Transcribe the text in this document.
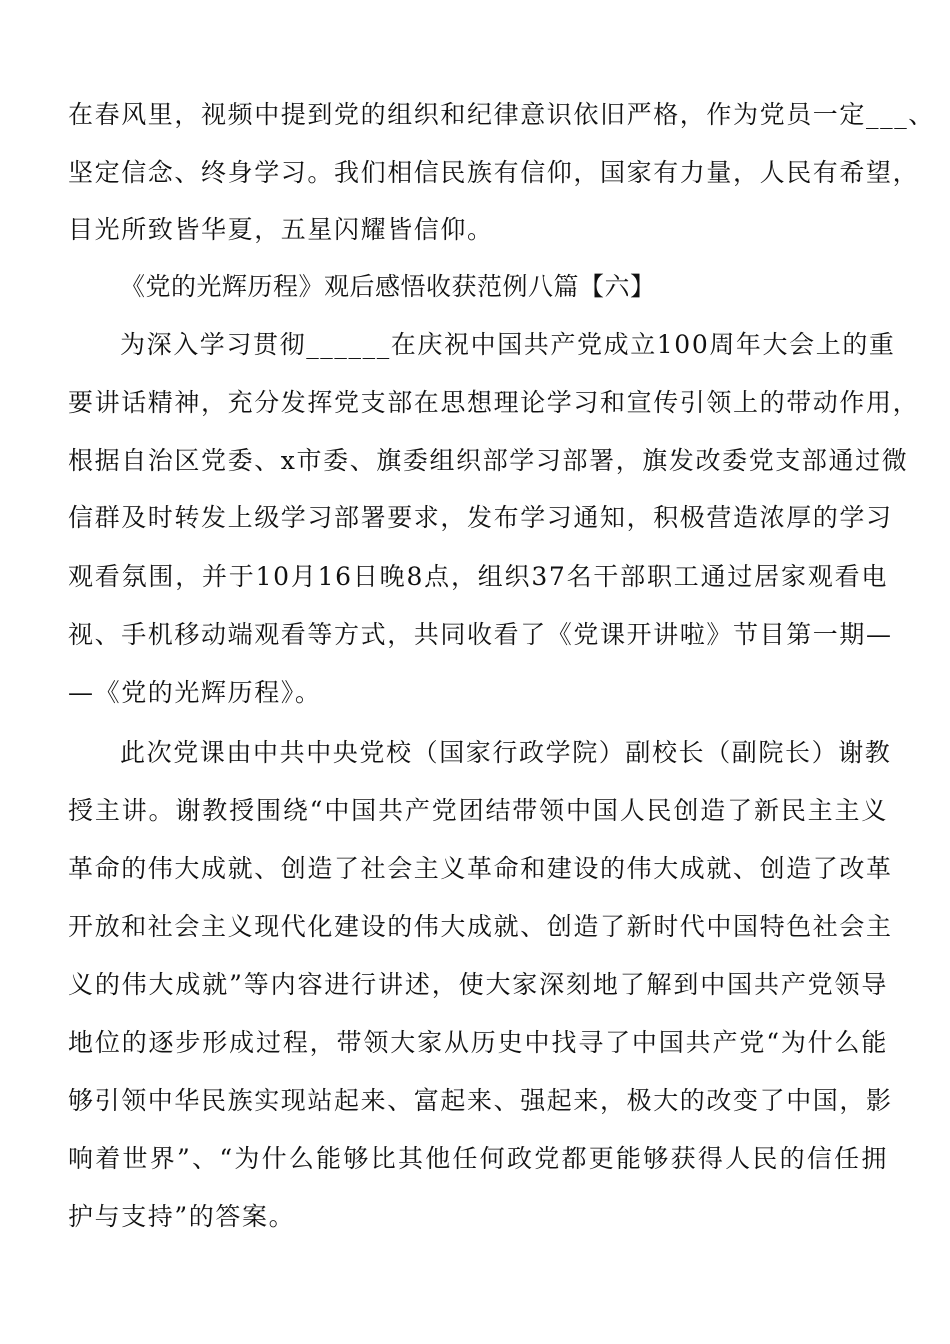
在春风里，视频中提到党的组织和纪律意识依旧严格，作为党员一定___、
坚定信念、终身学习。我们相信民族有信仰，国家有力量，人民有希望，
目光所致皆华夏，五星闪耀皆信仰。
《党的光辉历程》观后感悟收获范例八篇【六】
为深入学习贯彻______在庆祝中国共产党成立100周年大会上的重
要讲话精神，充分发挥党支部在思想理论学习和宣传引领上的带动作用，
根据自治区党委、x市委、旗委组织部学习部署，旗发改委党支部通过微
信群及时转发上级学习部署要求，发布学习通知，积极营造浓厚的学习
观看氛围，并于10月16日晚8点，组织37名干部职工通过居家观看电
视、手机移动端观看等方式，共同收看了《党课开讲啦》节目第一期—
—《党的光辉历程》。
此次党课由中共中央党校（国家行政学院）副校长（副院长）谢教
授主讲。谢教授围绕“中国共产党团结带领中国人民创造了新民主主义
革命的伟大成就、创造了社会主义革命和建设的伟大成就、创造了改革
开放和社会主义现代化建设的伟大成就、创造了新时代中国特色社会主
义的伟大成就”等内容进行讲述，使大家深刻地了解到中国共产党领导
地位的逐步形成过程，带领大家从历史中找寻了中国共产党“为什么能
够引领中华民族实现站起来、富起来、强起来，极大的改变了中国，影
响着世界”、“为什么能够比其他任何政党都更能够获得人民的信任拥
护与支持”的答案。
